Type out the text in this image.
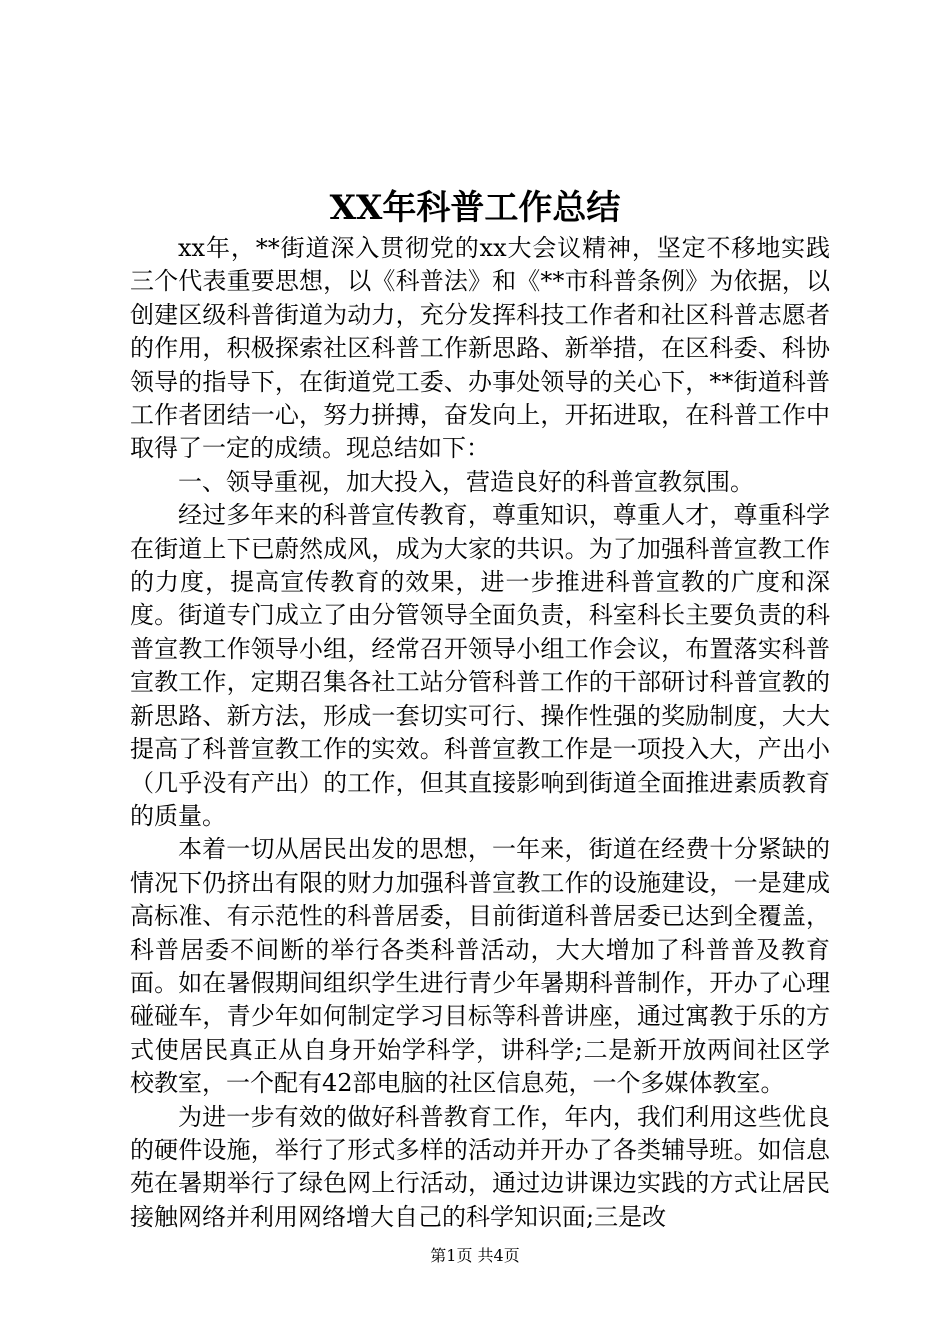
XX年科普工作总结

xx年，**街道深入贯彻党的xx大会议精神，坚定不移地实践三个代表重要思想，以《科普法》和《**市科普条例》为依据，以创建区级科普街道为动力，充分发挥科技工作者和社区科普志愿者的作用，积极探索社区科普工作新思路、新举措，在区科委、科协领导的指导下，在街道党工委、办事处领导的关心下，**街道科普工作者团结一心，努力拼搏，奋发向上，开拓进取，在科普工作中取得了一定的成绩。现总结如下：

一、领导重视，加大投入，营造良好的科普宣教氛围。

经过多年来的科普宣传教育，尊重知识，尊重人才，尊重科学在街道上下已蔚然成风，成为大家的共识。为了加强科普宣教工作的力度，提高宣传教育的效果，进一步推进科普宣教的广度和深度。街道专门成立了由分管领导全面负责，科室科长主要负责的科普宣教工作领导小组，经常召开领导小组工作会议，布置落实科普宣教工作，定期召集各社工站分管科普工作的干部研讨科普宣教的新思路、新方法，形成一套切实可行、操作性强的奖励制度，大大提高了科普宣教工作的实效。科普宣教工作是一项投入大，产出小（几乎没有产出）的工作，但其直接影响到街道全面推进素质教育的质量。

本着一切从居民出发的思想，一年来，街道在经费十分紧缺的情况下仍挤出有限的财力加强科普宣教工作的设施建设，一是建成高标准、有示范性的科普居委，目前街道科普居委已达到全覆盖，科普居委不间断的举行各类科普活动，大大增加了科普普及教育面。如在暑假期间组织学生进行青少年暑期科普制作，开办了心理碰碰车，青少年如何制定学习目标等科普讲座，通过寓教于乐的方式使居民真正从自身开始学科学，讲科学;二是新开放两间社区学校教室，一个配有42部电脑的社区信息苑，一个多媒体教室。

为进一步有效的做好科普教育工作，年内，我们利用这些优良的硬件设施，举行了形式多样的活动并开办了各类辅导班。如信息苑在暑期举行了绿色网上行活动，通过边讲课边实践的方式让居民接触网络并利用网络增大自己的科学知识面;三是改

第1页 共4页
